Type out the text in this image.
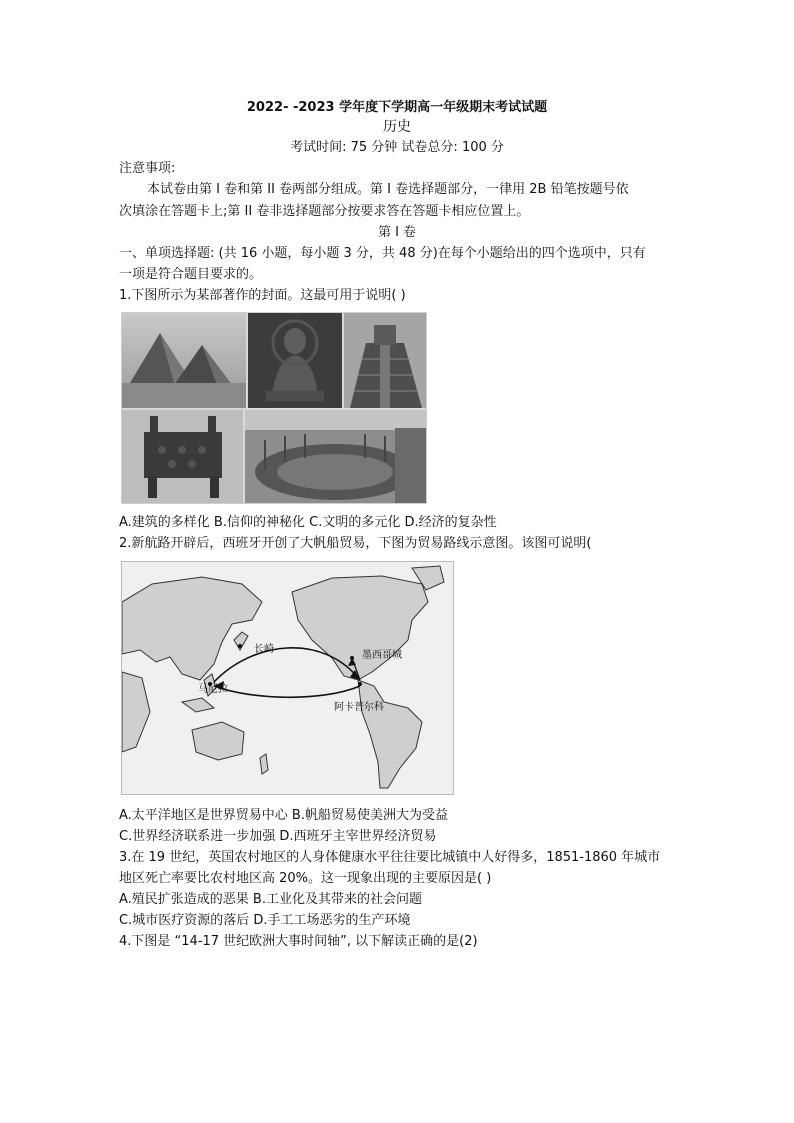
2022- -2023 学年度下学期高一年级期末考试试题
历史
考试时间: 75 分钟 试卷总分: 100 分
注意事项:
本试卷由第 I 卷和第 II 卷两部分组成。第 I 卷选择题部分，一律用 2B 铅笔按题号依
次填涂在答题卡上;第 II 卷非选择题部分按要求答在答题卡相应位置上。
第 I 卷
一、单项选择题: (共 16 小题，每小题 3 分，共 48 分)在每个小题给出的四个选项中，只有
一项是符合题目要求的。
1.下图所示为某部著作的封面。这最可用于说明( )
A.建筑的多样化 B.信仰的神秘化 C.文明的多元化 D.经济的复杂性
2.新航路开辟后，西班牙开创了大帆船贸易，下图为贸易路线示意图。该图可说明(
长崎
墨西哥城
马尼拉
阿卡普尔科
A.太平洋地区是世界贸易中心 B.帆船贸易使美洲大为受益
C.世界经济联系进一步加强 D.西班牙主宰世界经济贸易
3.在 19 世纪，英国农村地区的人身体健康水平往往要比城镇中人好得多，1851-1860 年城市
地区死亡率要比农村地区高 20%。这一现象出现的主要原因是( )
A.殖民扩张造成的恶果 B.工业化及其带来的社会问题
C.城市医疗资源的落后 D.手工工场恶劣的生产环境
4.下图是 “14-17 世纪欧洲大事时间轴”, 以下解读正确的是(2)
